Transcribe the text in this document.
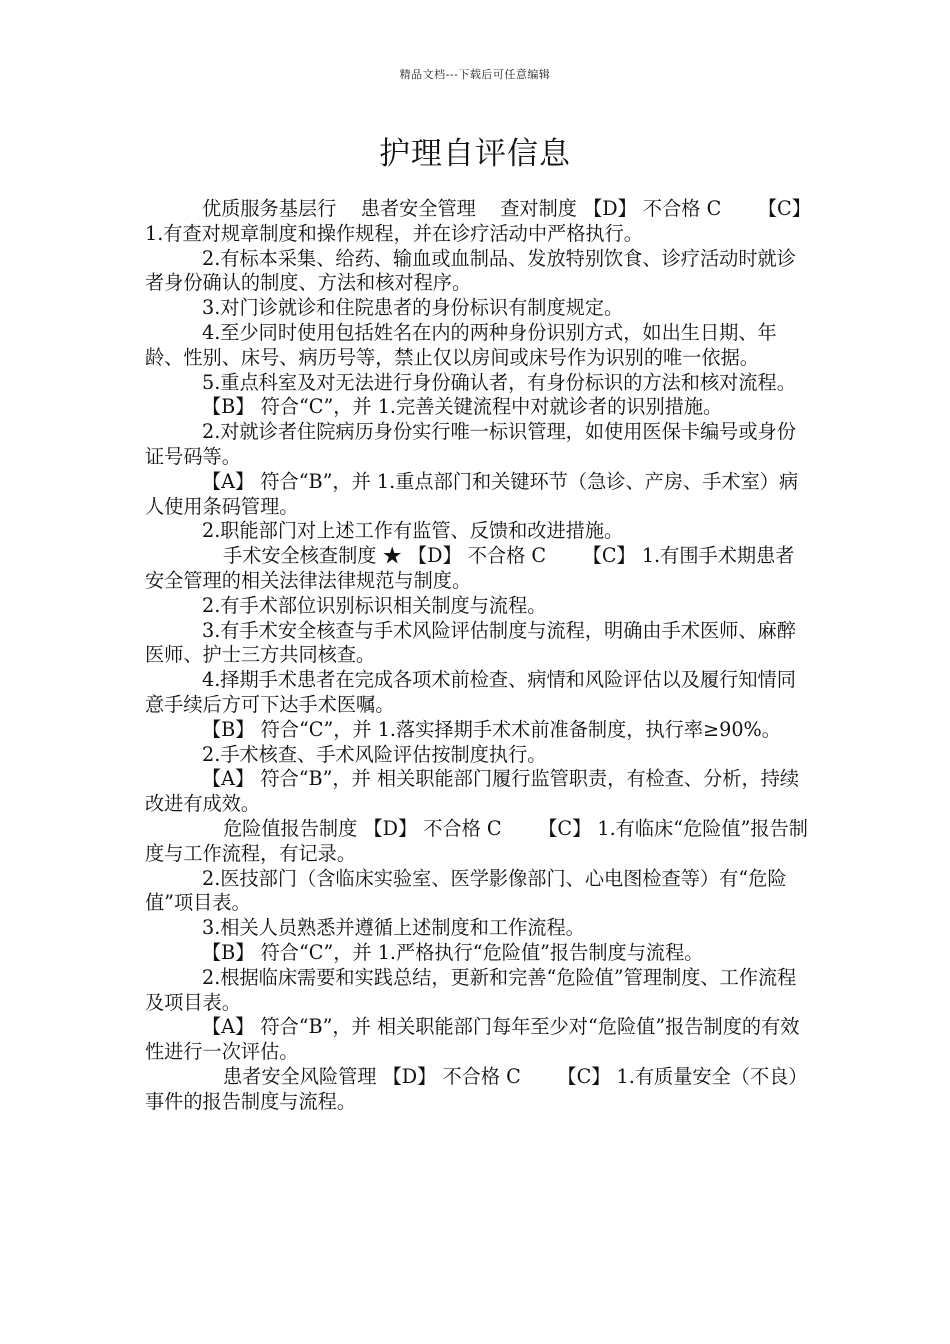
精品文档---下载后可任意编辑
护理自评信息

优质服务基层行    患者安全管理    查对制度 【D】 不合格 C      【C】 1.有查对规章制度和操作规程，并在诊疗活动中严格执行。

2.有标本采集、给药、输血或血制品、发放特别饮食、诊疗活动时就诊者身份确认的制度、方法和核对程序。

3.对门诊就诊和住院患者的身份标识有制度规定。

4.至少同时使用包括姓名在内的两种身份识别方式，如出生日期、年龄、性别、床号、病历号等，禁止仅以房间或床号作为识别的唯一依据。

5.重点科室及对无法进行身份确认者，有身份标识的方法和核对流程。

【B】 符合“C”，并 1.完善关键流程中对就诊者的识别措施。

2.对就诊者住院病历身份实行唯一标识管理，如使用医保卡编号或身份证号码等。

【A】 符合“B”，并 1.重点部门和关键环节（急诊、产房、手术室）病人使用条码管理。

2.职能部门对上述工作有监管、反馈和改进措施。

手术安全核查制度 ★ 【D】 不合格 C      【C】 1.有围手术期患者安全管理的相关法律法律规范与制度。

2.有手术部位识别标识相关制度与流程。

3.有手术安全核查与手术风险评估制度与流程，明确由手术医师、麻醉医师、护士三方共同核查。

4.择期手术患者在完成各项术前检查、病情和风险评估以及履行知情同意手续后方可下达手术医嘱。

【B】 符合“C”，并 1.落实择期手术术前准备制度，执行率≥90%。

2.手术核查、手术风险评估按制度执行。

【A】 符合“B”，并 相关职能部门履行监管职责，有检查、分析，持续改进有成效。

危险值报告制度 【D】 不合格 C      【C】 1.有临床“危险值”报告制度与工作流程，有记录。

2.医技部门（含临床实验室、医学影像部门、心电图检查等）有“危险值”项目表。

3.相关人员熟悉并遵循上述制度和工作流程。

【B】 符合“C”，并 1.严格执行“危险值”报告制度与流程。

2.根据临床需要和实践总结，更新和完善“危险值”管理制度、工作流程及项目表。

【A】 符合“B”，并 相关职能部门每年至少对“危险值”报告制度的有效性进行一次评估。

患者安全风险管理 【D】 不合格 C      【C】 1.有质量安全（不良）事件的报告制度与流程。
